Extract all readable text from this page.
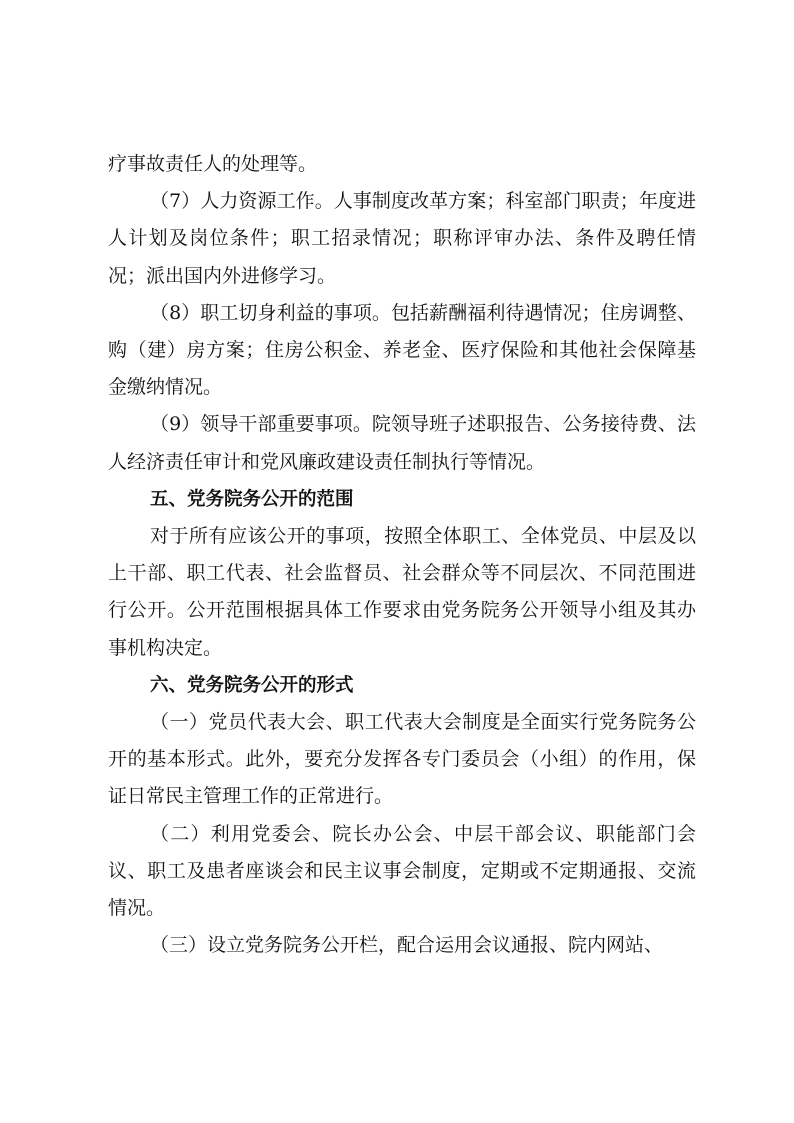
疗事故责任人的处理等。

（7）人力资源工作。人事制度改革方案；科室部门职责；年度进人计划及岗位条件；职工招录情况；职称评审办法、条件及聘任情况；派出国内外进修学习。

（8）职工切身利益的事项。包括薪酬福利待遇情况；住房调整、购（建）房方案；住房公积金、养老金、医疗保险和其他社会保障基金缴纳情况。

（9）领导干部重要事项。院领导班子述职报告、公务接待费、法人经济责任审计和党风廉政建设责任制执行等情况。

五、党务院务公开的范围

对于所有应该公开的事项，按照全体职工、全体党员、中层及以上干部、职工代表、社会监督员、社会群众等不同层次、不同范围进行公开。公开范围根据具体工作要求由党务院务公开领导小组及其办事机构决定。

六、党务院务公开的形式

（一）党员代表大会、职工代表大会制度是全面实行党务院务公开的基本形式。此外，要充分发挥各专门委员会（小组）的作用，保证日常民主管理工作的正常进行。

（二）利用党委会、院长办公会、中层干部会议、职能部门会议、职工及患者座谈会和民主议事会制度，定期或不定期通报、交流情况。

（三）设立党务院务公开栏，配合运用会议通报、院内网站、
